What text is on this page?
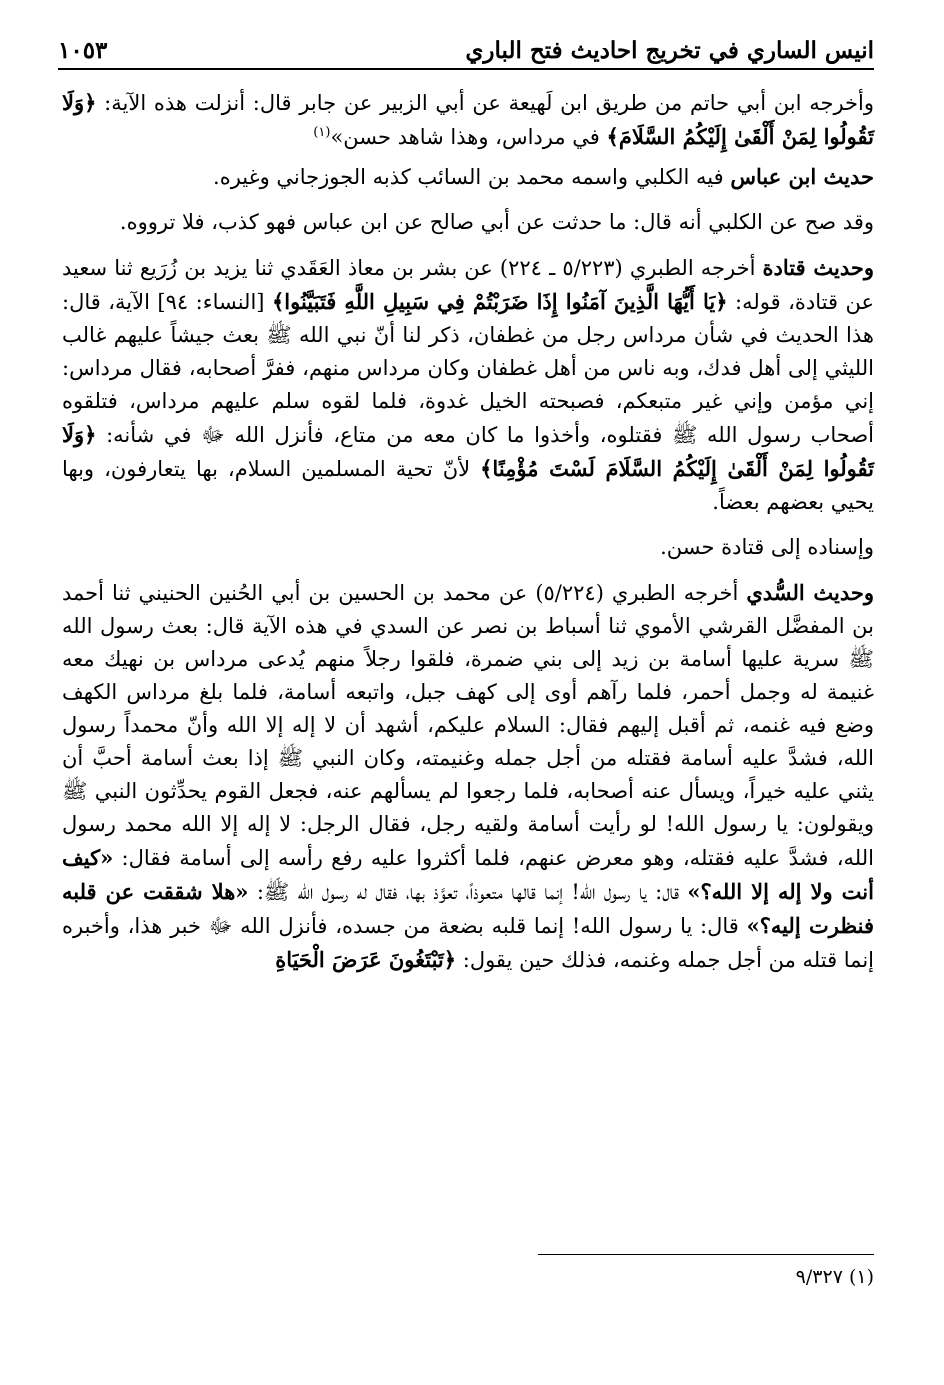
انيس الساري في تخريج احاديث فتح الباري
١٠٥٣

وأخرجه ابن أبي حاتم من طريق ابن لَهيعة عن أبي الزبير عن جابر قال: أنزلت هذه الآية: ﴿وَلَا تَقُولُوا لِمَنْ أَلْقَىٰ إِلَيْكُمُ السَّلَامَ﴾ في مرداس، وهذا شاهد حسن»$^{(١)}$

حديث ابن عباس فيه الكلبي واسمه محمد بن السائب كذبه الجوزجاني وغيره.

وقد صح عن الكلبي أنه قال: ما حدثت عن أبي صالح عن ابن عباس فهو كذب، فلا ترووه.

وحديث قتادة أخرجه الطبري (٥/٢٢٣ ـ ٢٢٤) عن بشر بن معاذ العَقَدي ثنا يزيد بن زُرَيع ثنا سعيد عن قتادة، قوله: ﴿يَا أَيُّهَا الَّذِينَ آمَنُوا إِذَا ضَرَبْتُمْ فِي سَبِيلِ اللَّهِ فَتَبَيَّنُوا﴾ [النساء: ٩٤] الآية، قال: هذا الحديث في شأن مرداس رجل من غطفان، ذكر لنا أنّ نبي الله ﷺ بعث جيشاً عليهم غالب الليثي إلى أهل فدك، وبه ناس من أهل غطفان وكان مرداس منهم، ففرَّ أصحابه، فقال مرداس: إني مؤمن وإني غير متبعكم، فصبحته الخيل غدوة، فلما لقوه سلم عليهم مرداس، فتلقوه أصحاب رسول الله ﷺ فقتلوه، وأخذوا ما كان معه من متاع، فأنزل الله ﷻ في شأنه: ﴿وَلَا تَقُولُوا لِمَنْ أَلْقَىٰ إِلَيْكُمُ السَّلَامَ لَسْتَ مُؤْمِنًا﴾ لأنّ تحية المسلمين السلام، بها يتعارفون، وبها يحيي بعضهم بعضاً.

وإسناده إلى قتادة حسن.

وحديث السُّدي أخرجه الطبري (٥/٢٢٤) عن محمد بن الحسين بن أبي الحُنين الحنيني ثنا أحمد بن المفضَّل القرشي الأموي ثنا أسباط بن نصر عن السدي في هذه الآية قال: بعث رسول الله ﷺ سرية عليها أسامة بن زيد إلى بني ضمرة، فلقوا رجلاً منهم يُدعى مرداس بن نهيك معه غنيمة له وجمل أحمر، فلما رآهم أوى إلى كهف جبل، واتبعه أسامة، فلما بلغ مرداس الكهف وضع فيه غنمه، ثم أقبل إليهم فقال: السلام عليكم، أشهد أن لا إله إلا الله وأنّ محمداً رسول الله، فشدَّ عليه أسامة فقتله من أجل جمله وغنيمته، وكان النبي ﷺ إذا بعث أسامة أحبَّ أن يثني عليه خيراً، ويسأل عنه أصحابه، فلما رجعوا لم يسألهم عنه، فجعل القوم يحدِّثون النبي ﷺ ويقولون: يا رسول الله! لو رأيت أسامة ولقيه رجل، فقال الرجل: لا إله إلا الله محمد رسول الله، فشدَّ عليه فقتله، وهو معرض عنهم، فلما أكثروا عليه رفع رأسه إلى أسامة فقال: «كيف أنت ولا إله إلا الله؟» قال: يا رسول الله! إنما قالها متعوذاً، تعوَّذ بها، فقال له رسول الله ﷺ: «هلا شققت عن قلبه فنظرت إليه؟» قال: يا رسول الله! إنما قلبه بضعة من جسده، فأنزل الله ﷻ خبر هذا، وأخبره إنما قتله من أجل جمله وغنمه، فذلك حين يقول: ﴿تَبْتَغُونَ عَرَضَ الْحَيَاةِ

(١) ٩/٣٢٧
